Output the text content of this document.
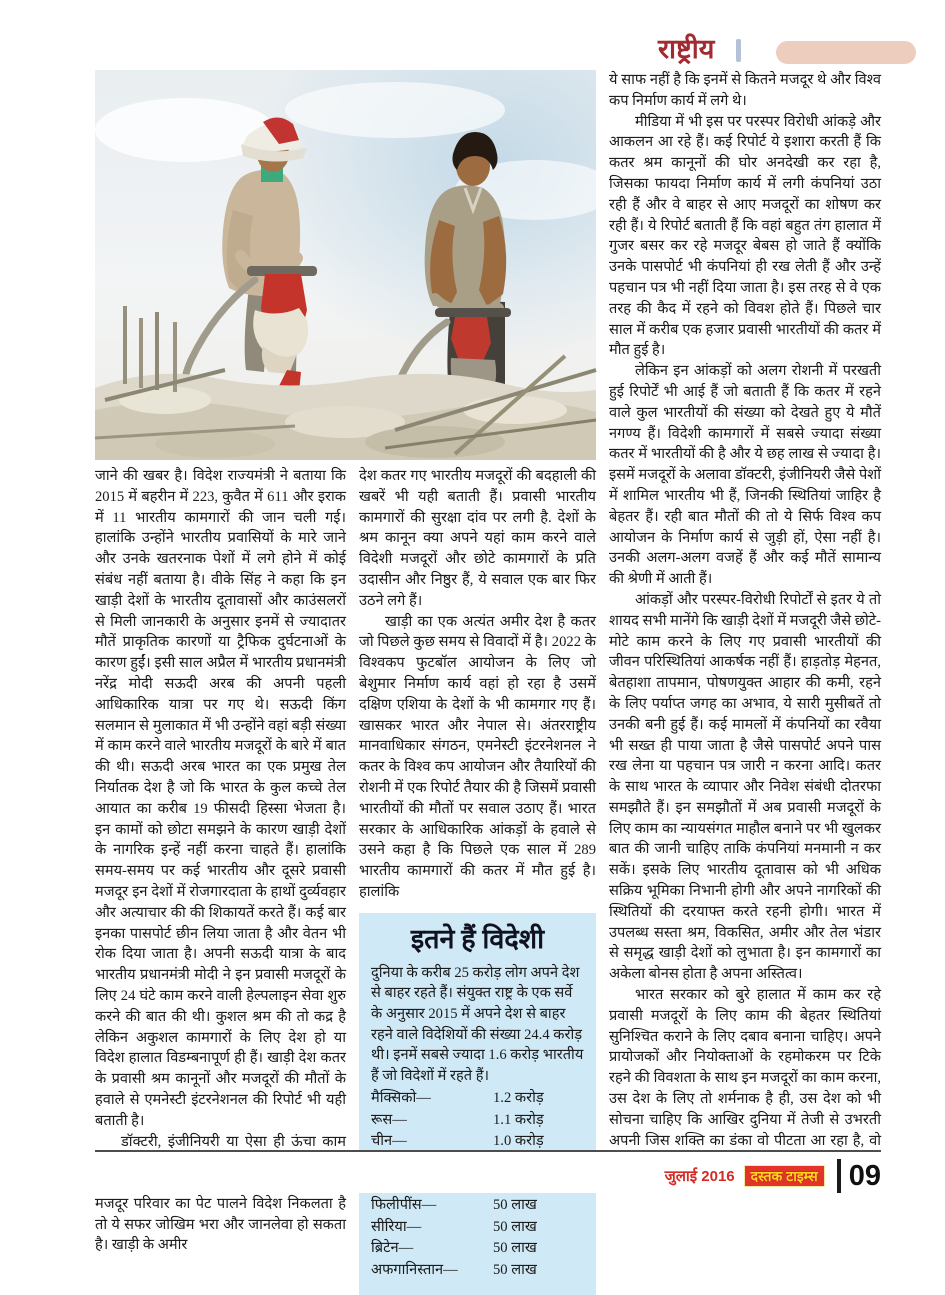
राष्ट्रीय

जाने की खबर है। विदेश राज्यमंत्री ने बताया कि 2015 में बहरीन में 223, कुवैत में 611 और इराक में 11 भारतीय कामगारों की जान चली गई। हालांकि उन्होंने भारतीय प्रवासियों के मारे जाने और उनके खतरनाक पेशों में लगे होने में कोई संबंध नहीं बताया है। वीके सिंह ने कहा कि इन खाड़ी देशों के भारतीय दूतावासों और काउंसलरों से मिली जानकारी के अनुसार इनमें से ज्यादातर मौतें प्राकृतिक कारणों या ट्रैफिक दुर्घटनाओं के कारण हुईं। इसी साल अप्रैल में भारतीय प्रधानमंत्री नरेंद्र मोदी सऊदी अरब की अपनी पहली आधिकारिक यात्रा पर गए थे। सऊदी किंग सलमान से मुलाकात में भी उन्होंने वहां बड़ी संख्या में काम करने वाले भारतीय मजदूरों के बारे में बात की थी। सऊदी अरब भारत का एक प्रमुख तेल निर्यातक देश है जो कि भारत के कुल कच्चे तेल आयात का करीब 19 फीसदी हिस्सा भेजता है। इन कामों को छोटा समझने के कारण खाड़ी देशों के नागरिक इन्हें नहीं करना चाहते हैं। हालांकि समय-समय पर कई भारतीय और दूसरे प्रवासी मजदूर इन देशों में रोजगारदाता के हाथों दुर्व्यवहार और अत्याचार की की शिकायतें करते हैं। कई बार इनका पासपोर्ट छीन लिया जाता है और वेतन भी रोक दिया जाता है। अपनी सऊदी यात्रा के बाद भारतीय प्रधानमंत्री मोदी ने इन प्रवासी मजदूरों के लिए 24 घंटे काम करने वाली हेल्पलाइन सेवा शुरु करने की बात की थी। कुशल श्रम की तो कद्र है लेकिन अकुशल कामगारों के लिए देश हो या विदेश हालात विडम्बनापूर्ण ही हैं। खाड़ी देश कतर के प्रवासी श्रम कानूनों और मजदूरों की मौतों के हवाले से एमनेस्टी इंटरनेशनल की रिपोर्ट भी यही बताती है।

डॉक्टरी, इंजीनियरी या ऐसा ही ऊंचा काम मजदूर परिवार का पेट पालने विदेश निकलता है तो ये सफर जोखिम भरा और जानलेवा हो सकता है। खाड़ी के अमीर

देश कतर गए भारतीय मजदूरों की बदहाली की खबरें भी यही बताती हैं। प्रवासी भारतीय कामगारों की सुरक्षा दांव पर लगी है. देशों के श्रम कानून क्या अपने यहां काम करने वाले विदेशी मजदूरों और छोटे कामगारों के प्रति उदासीन और निष्ठुर हैं, ये सवाल एक बार फिर उठने लगे हैं।

खाड़ी का एक अत्यंत अमीर देश है कतर जो पिछले कुछ समय से विवादों में है। 2022 के विश्वकप फुटबॉल आयोजन के लिए जो बेशुमार निर्माण कार्य वहां हो रहा है उसमें दक्षिण एशिया के देशों के भी कामगार गए हैं। खासकर भारत और नेपाल से। अंतरराष्ट्रीय मानवाधिकार संगठन, एमनेस्टी इंटरनेशनल ने कतर के विश्व कप आयोजन और तैयारियों की रोशनी में एक रिपोर्ट तैयार की है जिसमें प्रवासी भारतीयों की मौतों पर सवाल उठाए हैं। भारत सरकार के आधिकारिक आंकड़ों के हवाले से उसने कहा है कि पिछले एक साल में 289 भारतीय कामगारों की कतर में मौत हुई है। हालांकि

इतने हैं विदेशी

दुनिया के करीब 25 करोड़ लोग अपने देश से बाहर रहते हैं। संयुक्त राष्ट्र के एक सर्वे के अनुसार 2015 में अपने देश से बाहर रहने वाले विदेशियों की संख्या 24.4 करोड़ थी। इनमें सबसे ज्यादा 1.6 करोड़ भारतीय हैं जो विदेशों में रहते हैं।

मैक्सिको—	1.2 करोड़
रूस—	1.1 करोड़
चीन—	1.0 करोड़
फिलीपींस—	50 लाख
सीरिया—	50 लाख
ब्रिटेन—	50 लाख
अफगानिस्तान—	50 लाख

ये साफ नहीं है कि इनमें से कितने मजदूर थे और विश्व कप निर्माण कार्य में लगे थे।

मीडिया में भी इस पर परस्पर विरोधी आंकड़े और आकलन आ रहे हैं। कई रिपोर्ट ये इशारा करती हैं कि कतर श्रम कानूनों की घोर अनदेखी कर रहा है, जिसका फायदा निर्माण कार्य में लगी कंपनियां उठा रही हैं और वे बाहर से आए मजदूरों का शोषण कर रही हैं। ये रिपोर्ट बताती हैं कि वहां बहुत तंग हालात में गुजर बसर कर रहे मजदूर बेबस हो जाते हैं क्योंकि उनके पासपोर्ट भी कंपनियां ही रख लेती हैं और उन्हें पहचान पत्र भी नहीं दिया जाता है। इस तरह से वे एक तरह की कैद में रहने को विवश होते हैं। पिछले चार साल में करीब एक हजार प्रवासी भारतीयों की कतर में मौत हुई है।

लेकिन इन आंकड़ों को अलग रोशनी में परखती हुई रिपोर्टें भी आई हैं जो बताती हैं कि कतर में रहने वाले कुल भारतीयों की संख्या को देखते हुए ये मौतें नगण्य हैं। विदेशी कामगारों में सबसे ज्यादा संख्या कतर में भारतीयों की है और ये छह लाख से ज्यादा है। इसमें मजदूरों के अलावा डॉक्टरी, इंजीनियरी जैसे पेशों में शामिल भारतीय भी हैं, जिनकी स्थितियां जाहिर है बेहतर हैं। रही बात मौतों की तो ये सिर्फ विश्व कप आयोजन के निर्माण कार्य से जुड़ी हों, ऐसा नहीं है। उनकी अलग-अलग वजहें हैं और कई मौतें सामान्य की श्रेणी में आती हैं।

आंकड़ों और परस्पर-विरोधी रिपोर्टों से इतर ये तो शायद सभी मानेंगे कि खाड़ी देशों में मजदूरी जैसे छोटे-मोटे काम करने के लिए गए प्रवासी भारतीयों की जीवन परिस्थितियां आकर्षक नहीं हैं। हाड़तोड़ मेहनत, बेतहाशा तापमान, पोषणयुक्त आहार की कमी, रहने के लिए पर्याप्त जगह का अभाव, ये सारी मुसीबतें तो उनकी बनी हुई हैं। कई मामलों में कंपनियों का रवैया भी सख्त ही पाया जाता है जैसे पासपोर्ट अपने पास रख लेना या पहचान पत्र जारी न करना आदि। कतर के साथ भारत के व्यापार और निवेश संबंधी दोतरफा समझौते हैं। इन समझौतों में अब प्रवासी मजदूरों के लिए काम का न्यायसंगत माहौल बनाने पर भी खुलकर बात की जानी चाहिए ताकि कंपनियां मनमानी न कर सकें। इसके लिए भारतीय दूतावास को भी अधिक सक्रिय भूमिका निभानी होगी और अपने नागरिकों की स्थितियों की दरयाफ्त करते रहनी होगी। भारत में उपलब्ध सस्ता श्रम, विकसित, अमीर और तेल भंडार से समृद्ध खाड़ी देशों को लुभाता है। इन कामगारों का अकेला बोनस होता है अपना अस्तित्व।

भारत सरकार को बुरे हालात में काम कर रहे प्रवासी मजदूरों के लिए काम की बेहतर स्थितियां सुनिश्चित कराने के लिए दबाव बनाना चाहिए। अपने प्रायोजकों और नियोक्ताओं के रहमोकरम पर टिके रहने की विवशता के साथ इन मजदूरों का काम करना, उस देश के लिए तो शर्मनाक है ही, उस देश को भी सोचना चाहिए कि आखिर दुनिया में तेजी से उभरती अपनी जिस शक्ति का डंका वो पीटता आ रहा है, वो

जुलाई 2016	दस्तक टाइम्स 09
